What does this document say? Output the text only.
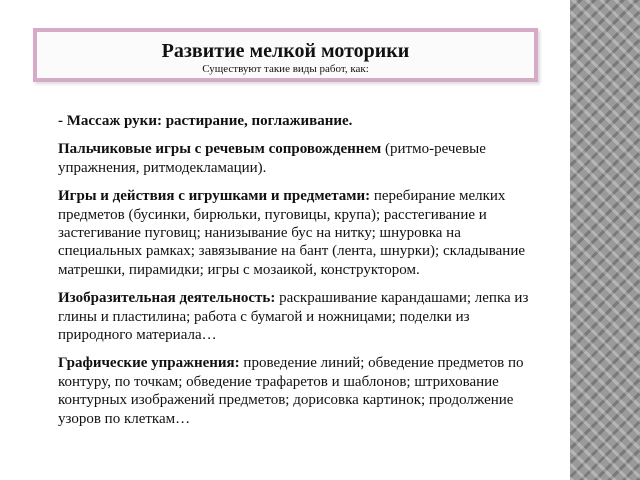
Развитие мелкой моторики
Существуют такие виды работ, как:
- Массаж руки: растирание, поглаживание.
Пальчиковые игры с речевым сопровожденнем (ритмо-речевые упражнения, ритмодекламации).
Игры и действия с игрушками и предметами: перебирание мелких предметов (бусинки, бирюльки, пуговицы, крупа); расстегивание и застегивание пуговиц; нанизывание бус на нитку; шнуровка на специальных рамках; завязывание на бант (лента, шнурки); складывание матрешки, пирамидки; игры с мозаикой, конструктором.
Изобразительная деятельность: раскрашивание карандашами; лепка из глины и пластилина; работа с бумагой и ножницами; поделки из природного материала…
Графические упражнения: проведение линий; обведение предметов по контуру, по точкам; обведение трафаретов и шаблонов; штрихование контурных изображений предметов; дорисовка картинок; продолжение узоров по клеткам…
